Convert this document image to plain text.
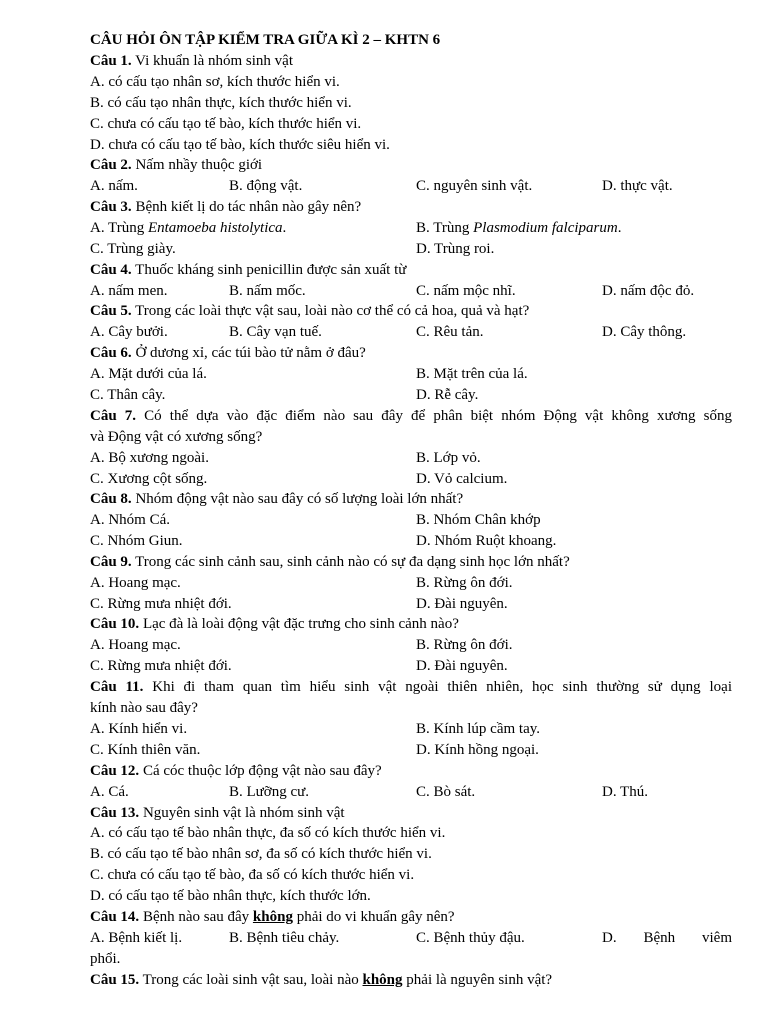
CÂU HỎI ÔN TẬP KIỂM TRA GIỮA KÌ 2 – KHTN 6
Câu 1. Vi khuẩn là nhóm sinh vật
A. có cấu tạo nhân sơ, kích thước hiển vi.
B. có cấu tạo nhân thực, kích thước hiển vi.
C. chưa có cấu tạo tế bào, kích thước hiển vi.
D. chưa có cấu tạo tế bào, kích thước siêu hiển vi.
Câu 2. Nấm nhầy thuộc giới
A. nấm.	B. động vật.	C. nguyên sinh vật.	D. thực vật.
Câu 3. Bệnh kiết lị do tác nhân nào gây nên?
A. Trùng Entamoeba histolytica.	B. Trùng Plasmodium falciparum.
C. Trùng giày.	D. Trùng roi.
Câu 4. Thuốc kháng sinh penicillin được sản xuất từ
A. nấm men.	B. nấm mốc.	C. nấm mộc nhĩ.	D. nấm độc đỏ.
Câu 5. Trong các loài thực vật sau, loài nào cơ thể có cả hoa, quả và hạt?
A. Cây bưởi.	B. Cây vạn tuế.	C. Rêu tản.	D. Cây thông.
Câu 6. Ở dương xỉ, các túi bào tử nằm ở đâu?
A. Mặt dưới của lá.	B. Mặt trên của lá.
C. Thân cây.	D. Rễ cây.
Câu 7. Có thể dựa vào đặc điểm nào sau đây để phân biệt nhóm Động vật không xương sống
và Động vật có xương sống?
A. Bộ xương ngoài.	B. Lớp vỏ.
C. Xương cột sống.	D. Vỏ calcium.
Câu 8. Nhóm động vật nào sau đây có số lượng loài lớn nhất?
A. Nhóm Cá.	B. Nhóm Chân khớp
C. Nhóm Giun.	D. Nhóm Ruột khoang.
Câu 9. Trong các sinh cảnh sau, sinh cảnh nào có sự đa dạng sinh học lớn nhất?
A. Hoang mạc.	B. Rừng ôn đới.
C. Rừng mưa nhiệt đới.	D. Đài nguyên.
Câu 10. Lạc đà là loài động vật đặc trưng cho sinh cảnh nào?
A. Hoang mạc.	B. Rừng ôn đới.
C. Rừng mưa nhiệt đới.	D. Đài nguyên.
Câu 11. Khi đi tham quan tìm hiểu sinh vật ngoài thiên nhiên, học sinh thường sử dụng loại
kính nào sau đây?
A. Kính hiển vi.	B. Kính lúp cầm tay.
C. Kính thiên văn.	D. Kính hồng ngoại.
Câu 12. Cá cóc thuộc lớp động vật nào sau đây?
A. Cá.	B. Lưỡng cư.	C. Bò sát.	D. Thú.
Câu 13. Nguyên sinh vật là nhóm sinh vật
A. có cấu tạo tế bào nhân thực, đa số có kích thước hiển vi.
B. có cấu tạo tế bào nhân sơ, đa số có kích thước hiển vi.
C. chưa có cấu tạo tế bào, đa số có kích thước hiển vi.
D. có cấu tạo tế bào nhân thực, kích thước lớn.
Câu 14. Bệnh nào sau đây không phải do vi khuẩn gây nên?
A. Bệnh kiết lị.	B. Bệnh tiêu chảy.	C. Bệnh thủy đậu.	D. Bệnh viêm
phổi.
Câu 15. Trong các loài sinh vật sau, loài nào không phải là nguyên sinh vật?
